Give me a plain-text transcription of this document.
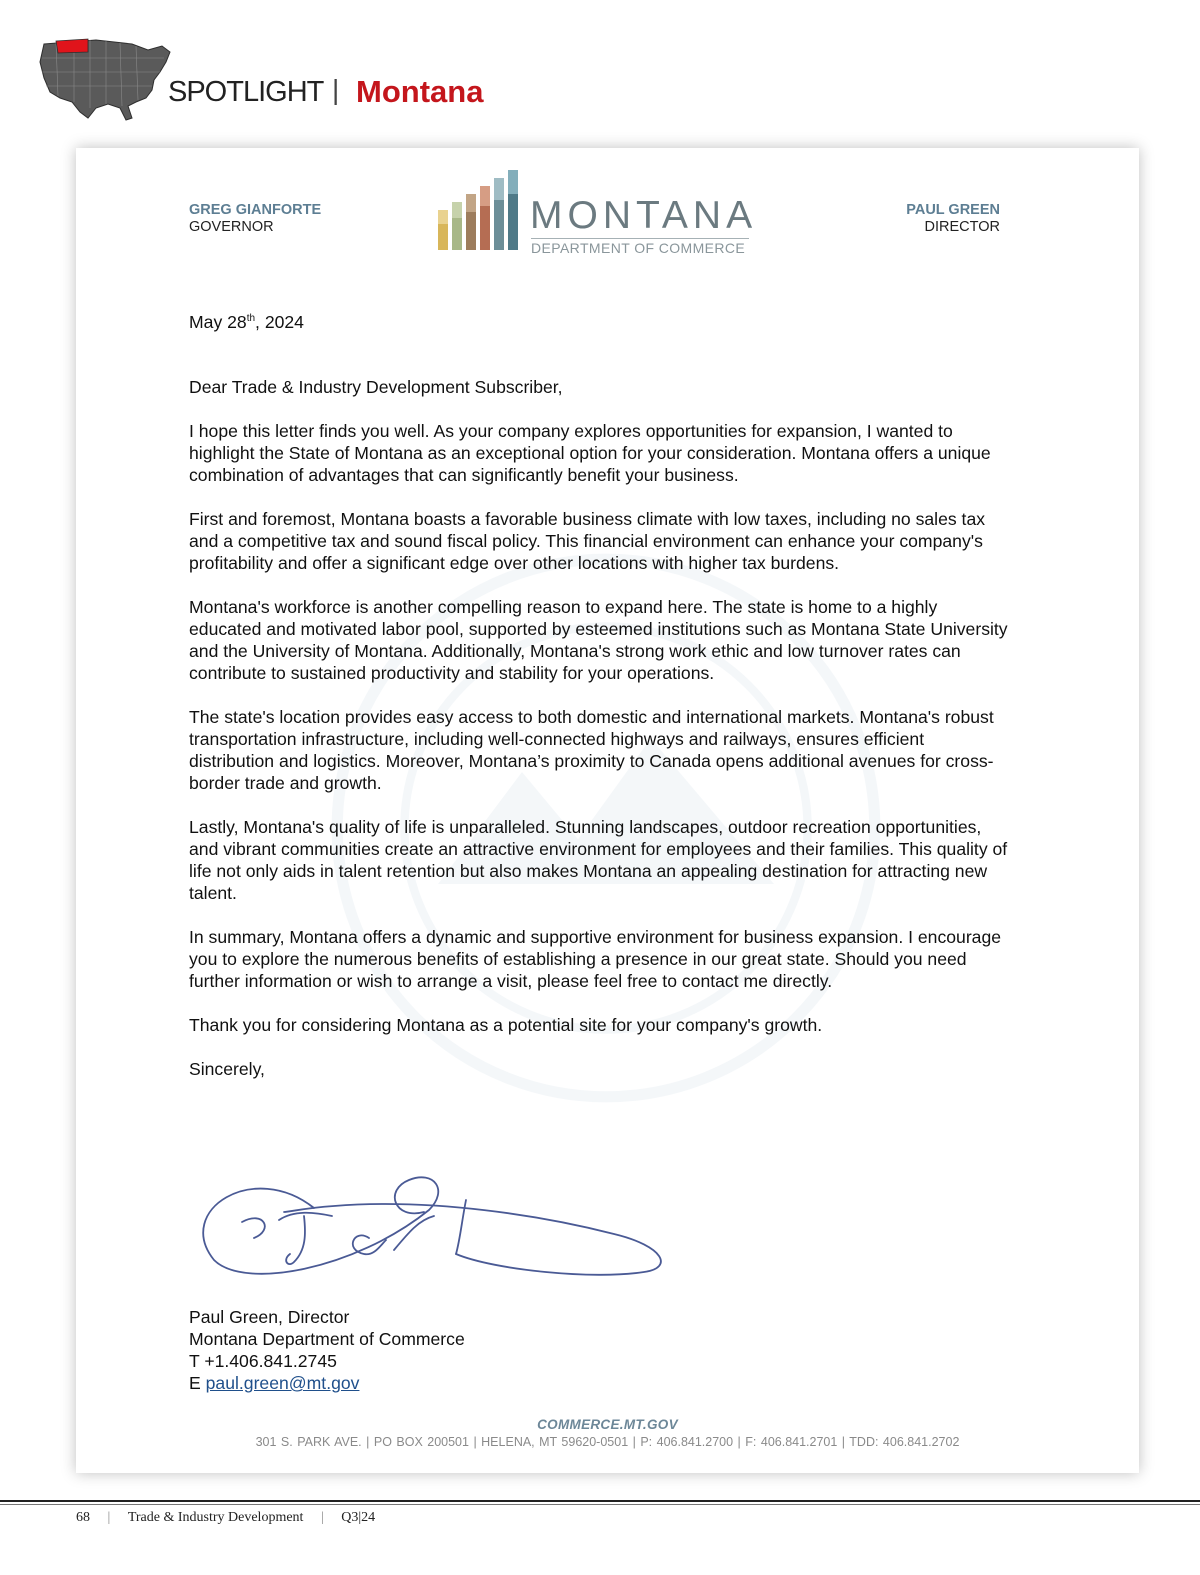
SPOTLIGHT | Montana
GREG GIANFORTE
GOVERNOR	MONTANA
DEPARTMENT OF COMMERCE
PAUL GREEN
DIRECTOR

May 28th, 2024

Dear Trade & Industry Development Subscriber,

I hope this letter finds you well. As your company explores opportunities for expansion, I wanted to highlight the State of Montana as an exceptional option for your consideration. Montana offers a unique combination of advantages that can significantly benefit your business.

First and foremost, Montana boasts a favorable business climate with low taxes, including no sales tax and a competitive tax and sound fiscal policy. This financial environment can enhance your company's profitability and offer a significant edge over other locations with higher tax burdens.

Montana's workforce is another compelling reason to expand here. The state is home to a highly educated and motivated labor pool, supported by esteemed institutions such as Montana State University and the University of Montana. Additionally, Montana's strong work ethic and low turnover rates can contribute to sustained productivity and stability for your operations.

The state's location provides easy access to both domestic and international markets. Montana's robust transportation infrastructure, including well-connected highways and railways, ensures efficient distribution and logistics. Moreover, Montana’s proximity to Canada opens additional avenues for cross-border trade and growth.

Lastly, Montana's quality of life is unparalleled. Stunning landscapes, outdoor recreation opportunities, and vibrant communities create an attractive environment for employees and their families. This quality of life not only aids in talent retention but also makes Montana an appealing destination for attracting new talent.

In summary, Montana offers a dynamic and supportive environment for business expansion. I encourage you to explore the numerous benefits of establishing a presence in our great state. Should you need further information or wish to arrange a visit, please feel free to contact me directly.

Thank you for considering Montana as a potential site for your company's growth.

Sincerely,

Paul Green, Director
Montana Department of Commerce
T +1.406.841.2745
E paul.green@mt.gov
COMMERCE.MT.GOV
301 S. PARK AVE. | PO BOX 200501 | HELENA, MT 59620-0501 | P: 406.841.2700 | F: 406.841.2701 | TDD: 406.841.2702
68 | Trade & Industry Development | Q3|24
